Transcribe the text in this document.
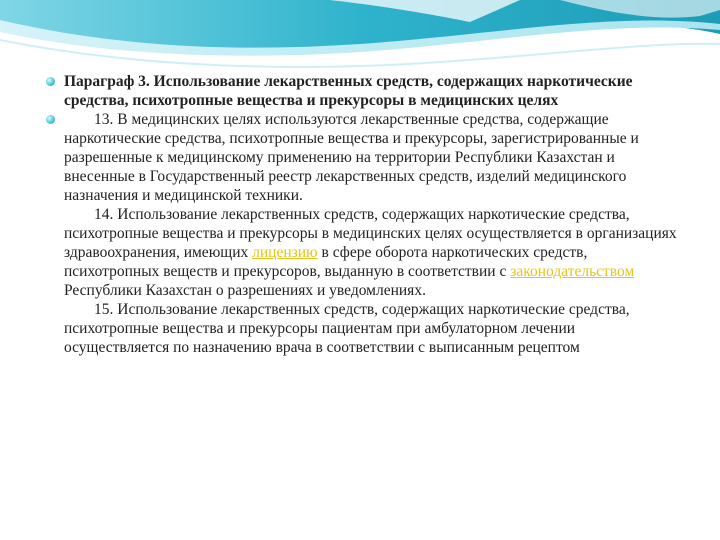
Параграф 3. Использование лекарственных средств, содержащих наркотические средства, психотропные вещества и прекурсоры в медицинских целях
13. В медицинских целях используются лекарственные средства, содержащие наркотические средства, психотропные вещества и прекурсоры, зарегистрированные и разрешенные к медицинскому применению на территории Республики Казахстан и внесенные в Государственный реестр лекарственных средств, изделий медицинского назначения и медицинской техники.
14. Использование лекарственных средств, содержащих наркотические средства, психотропные вещества и прекурсоры в медицинских целях осуществляется в организациях здравоохранения, имеющих лицензию в сфере оборота наркотических средств, психотропных веществ и прекурсоров, выданную в соответствии с законодательством Республики Казахстан о разрешениях и уведомлениях.
15. Использование лекарственных средств, содержащих наркотические средства, психотропные вещества и прекурсоры пациентам при амбулаторном лечении осуществляется по назначению врача в соответствии с выписанным рецептом
